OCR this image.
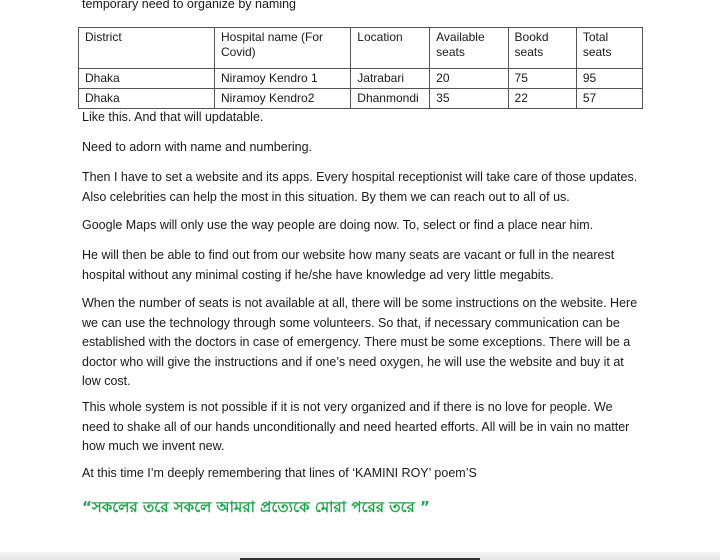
temporary need to organize by naming
District	Hospital name (For Covid)	Location	Available seats	Bookd seats	Total seats
Dhaka	Niramoy Kendro 1	Jatrabari	20	75	95
Dhaka	Niramoy Kendro2	Dhanmondi	35	22	57

Like this. And that will updatable.

Need to adorn with name and numbering.

Then I have to set a website and its apps. Every hospital receptionist will take care of those updates. Also celebrities can help the most in this situation. By them we can reach out to all of us.

Google Maps will only use the way people are doing now. To, select or find a place near him.

He will then be able to find out from our website how many seats are vacant or full in the nearest hospital without any minimal costing if he/she have knowledge ad very little megabits.

When the number of seats is not available at all, there will be some instructions on the website. Here we can use the technology through some volunteers. So that, if necessary communication can be established with the doctors in case of emergency. There must be some exceptions. There will be a doctor who will give the instructions and if one’s need oxygen, he will use the website and buy it at low cost.

This whole system is not possible if it is not very organized and if there is no love for people. We need to shake all of our hands unconditionally and need hearted efforts. All will be in vain no matter how much we invent new.

At this time I’m deeply remembering that lines of ‘KAMINI ROY’ poem’S

“সকলের তরে সকলে আমরা প্রত্যেকে মোরা পরের তরে ”
